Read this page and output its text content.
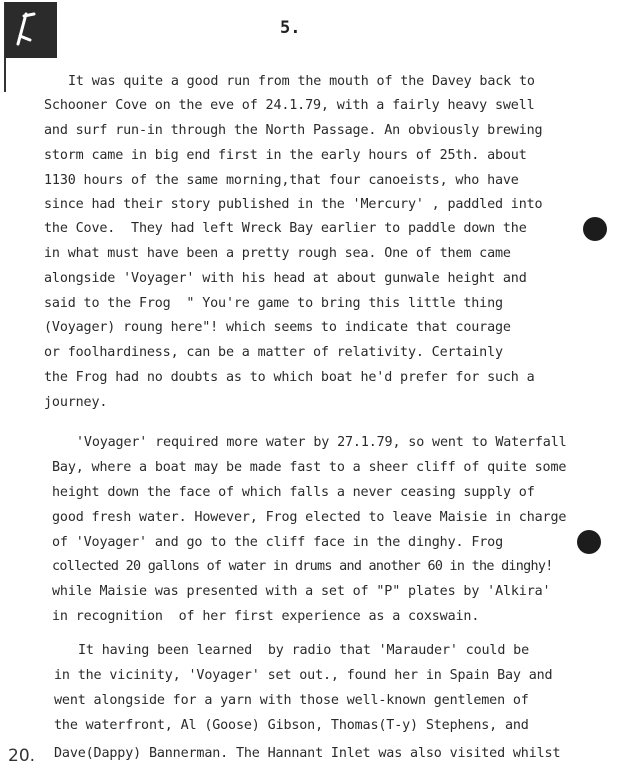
5.
It was quite a good run from the mouth of the Davey back to
Schooner Cove on the eve of 24.1.79, with a fairly heavy swell
and surf run-in through the North Passage. An obviously brewing
storm came in big end first in the early hours of 25th. about
1130 hours of the same morning,that four canoeists, who have
since had their story published in the 'Mercury' , paddled into
the Cove.  They had left Wreck Bay earlier to paddle down the
in what must have been a pretty rough sea. One of them came
alongside 'Voyager' with his head at about gunwale height and
said to the Frog  " You're game to bring this little thing
(Voyager) roung here"! which seems to indicate that courage
or foolhardiness, can be a matter of relativity. Certainly
the Frog had no doubts as to which boat he'd prefer for such a
journey.
'Voyager' required more water by 27.1.79, so went to Waterfall
Bay, where a boat may be made fast to a sheer cliff of quite some
height down the face of which falls a never ceasing supply of
good fresh water. However, Frog elected to leave Maisie in charge
of 'Voyager' and go to the cliff face in the dinghy. Frog
collected 20 gallons of water in drums and another 60 in the dinghy!
while Maisie was presented with a set of "P" plates by 'Alkira'
in recognition  of her first experience as a coxswain.
It having been learned  by radio that 'Marauder' could be
in the vicinity, 'Voyager' set out., found her in Spain Bay and
went alongside for a yarn with those well-known gentlemen of
the waterfront, Al (Goose) Gibson, Thomas(T-y) Stephens, and
Dave(Dappy) Bannerman. The Hannant Inlet was also visited whilst
20.
